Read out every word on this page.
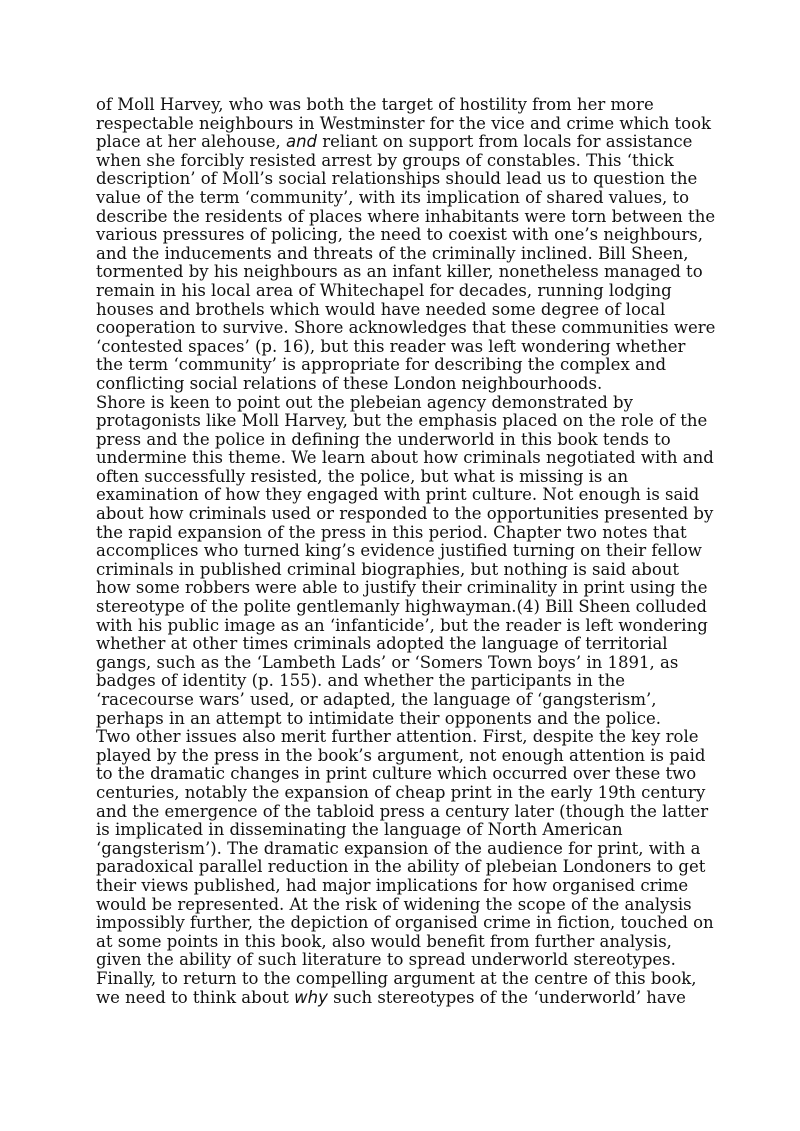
of Moll Harvey, who was both the target of hostility from her more
respectable neighbours in Westminster for the vice and crime which took
place at her alehouse, and reliant on support from locals for assistance
when she forcibly resisted arrest by groups of constables. This ‘thick
description’ of Moll’s social relationships should lead us to question the
value of the term ‘community’, with its implication of shared values, to
describe the residents of places where inhabitants were torn between the
various pressures of policing, the need to coexist with one’s neighbours,
and the inducements and threats of the criminally inclined. Bill Sheen,
tormented by his neighbours as an infant killer, nonetheless managed to
remain in his local area of Whitechapel for decades, running lodging
houses and brothels which would have needed some degree of local
cooperation to survive. Shore acknowledges that these communities were
‘contested spaces’ (p. 16), but this reader was left wondering whether
the term ‘community’ is appropriate for describing the complex and
conflicting social relations of these London neighbourhoods.
Shore is keen to point out the plebeian agency demonstrated by
protagonists like Moll Harvey, but the emphasis placed on the role of the
press and the police in defining the underworld in this book tends to
undermine this theme. We learn about how criminals negotiated with and
often successfully resisted, the police, but what is missing is an
examination of how they engaged with print culture. Not enough is said
about how criminals used or responded to the opportunities presented by
the rapid expansion of the press in this period. Chapter two notes that
accomplices who turned king’s evidence justified turning on their fellow
criminals in published criminal biographies, but nothing is said about
how some robbers were able to justify their criminality in print using the
stereotype of the polite gentlemanly highwayman.(4) Bill Sheen colluded
with his public image as an ‘infanticide’, but the reader is left wondering
whether at other times criminals adopted the language of territorial
gangs, such as the ‘Lambeth Lads’ or ‘Somers Town boys’ in 1891, as
badges of identity (p. 155). and whether the participants in the
‘racecourse wars’ used, or adapted, the language of ‘gangsterism’,
perhaps in an attempt to intimidate their opponents and the police.
Two other issues also merit further attention. First, despite the key role
played by the press in the book’s argument, not enough attention is paid
to the dramatic changes in print culture which occurred over these two
centuries, notably the expansion of cheap print in the early 19th century
and the emergence of the tabloid press a century later (though the latter
is implicated in disseminating the language of North American
‘gangsterism’). The dramatic expansion of the audience for print, with a
paradoxical parallel reduction in the ability of plebeian Londoners to get
their views published, had major implications for how organised crime
would be represented. At the risk of widening the scope of the analysis
impossibly further, the depiction of organised crime in fiction, touched on
at some points in this book, also would benefit from further analysis,
given the ability of such literature to spread underworld stereotypes.
Finally, to return to the compelling argument at the centre of this book,
we need to think about why such stereotypes of the ‘underworld’ have
